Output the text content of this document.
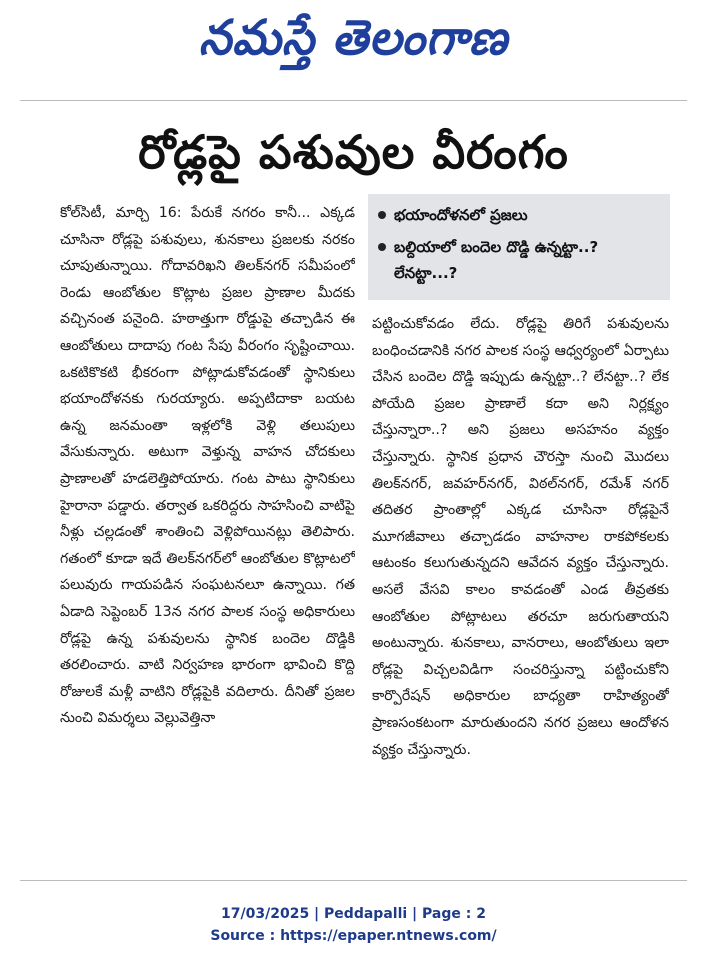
నమస్తే తెలంగాణ
రోడ్లపై పశువుల వీరంగం
కోల్‌సిటీ, మార్చి 16: పేరుకే నగరం కానీ... ఎక్కడ చూసినా రోడ్లపై పశువులు, శునకాలు ప్రజలకు నరకం చూపుతున్నాయి. గోదావరిఖని తిలక్‌నగర్ సమీపంలో రెండు ఆంబోతుల కొట్లాట ప్రజల ప్రాణాల మీదకు వచ్చినంత పనైంది. హఠాత్తుగా రోడ్డుపై తచ్చాడిన ఈ ఆంబోతులు దాదాపు గంట సేపు వీరంగం సృష్టించాయి. ఒకటికొకటి భీకరంగా పోట్లాడుకోవడంతో స్థానికులు భయాందోళనకు గురయ్యారు. అప్పటిదాకా బయట ఉన్న జనమంతా ఇళ్లలోకి వెళ్లి తలుపులు వేసుకున్నారు. అటుగా వెళ్తున్న వాహన చోదకులు ప్రాణాలతో హడలెత్తిపోయారు. గంట పాటు స్థానికులు హైరానా పడ్డారు. తర్వాత ఒకరిద్దరు సాహసించి వాటిపై నీళ్లు చల్లడంతో శాంతించి వెళ్లిపోయినట్లు తెలిపారు. గతంలో కూడా ఇదే తిలక్‌నగర్‌లో ఆంబోతుల కొట్లాటలో పలువురు గాయపడిన సంఘటనలూ ఉన్నాయి. గత ఏడాది సెప్టెంబర్ 13న నగర పాలక సంస్థ అధికారులు రోడ్లపై ఉన్న పశువులను స్థానిక బందెల దొడ్డికి తరలించారు. వాటి నిర్వహణ భారంగా భావించి కొద్ది రోజులకే మళ్లీ వాటిని రోడ్లపైకి వదిలారు. దీనితో ప్రజల నుంచి విమర్శలు వెల్లువెత్తినా
భయాందోళనలో ప్రజలు
బల్దియాలో బందెల దొడ్డి ఉన్నట్టా..? లేనట్టా...?
పట్టించుకోవడం లేదు. రోడ్లపై తిరిగే పశువులను బంధించడానికి నగర పాలక సంస్థ ఆధ్వర్యంలో ఏర్పాటు చేసిన బందెల దొడ్డి ఇప్పుడు ఉన్నట్టా..? లేనట్టా..? లేక పోయేది ప్రజల ప్రాణాలే కదా అని నిర్లక్ష్యం చేస్తున్నారా..? అని ప్రజలు అసహనం వ్యక్తం చేస్తున్నారు. స్థానిక ప్రధాన చౌరస్తా నుంచి మొదలు తిలక్‌నగర్, జవహర్‌నగర్, విఠల్‌నగర్, రమేశ్ నగర్ తదితర ప్రాంతాల్లో ఎక్కడ చూసినా రోడ్లపైనే మూగజీవాలు తచ్చాడడం వాహనాల రాకపోకలకు ఆటంకం కలుగుతున్నదని ఆవేదన వ్యక్తం చేస్తున్నారు. అసలే వేసవి కాలం కావడంతో ఎండ తీవ్రతకు ఆంబోతుల పోట్లాటలు తరచూ జరుగుతాయని అంటున్నారు. శునకాలు, వానరాలు, ఆంబోతులు ఇలా రోడ్లపై విచ్చలవిడిగా సంచరిస్తున్నా పట్టించుకోని కార్పొరేషన్ అధికారుల బాధ్యతా రాహిత్యంతో ప్రాణసంకటంగా మారుతుందని నగర ప్రజలు ఆందోళన వ్యక్తం చేస్తున్నారు.
17/03/2025 | Peddapalli | Page : 2
Source : https://epaper.ntnews.com/
